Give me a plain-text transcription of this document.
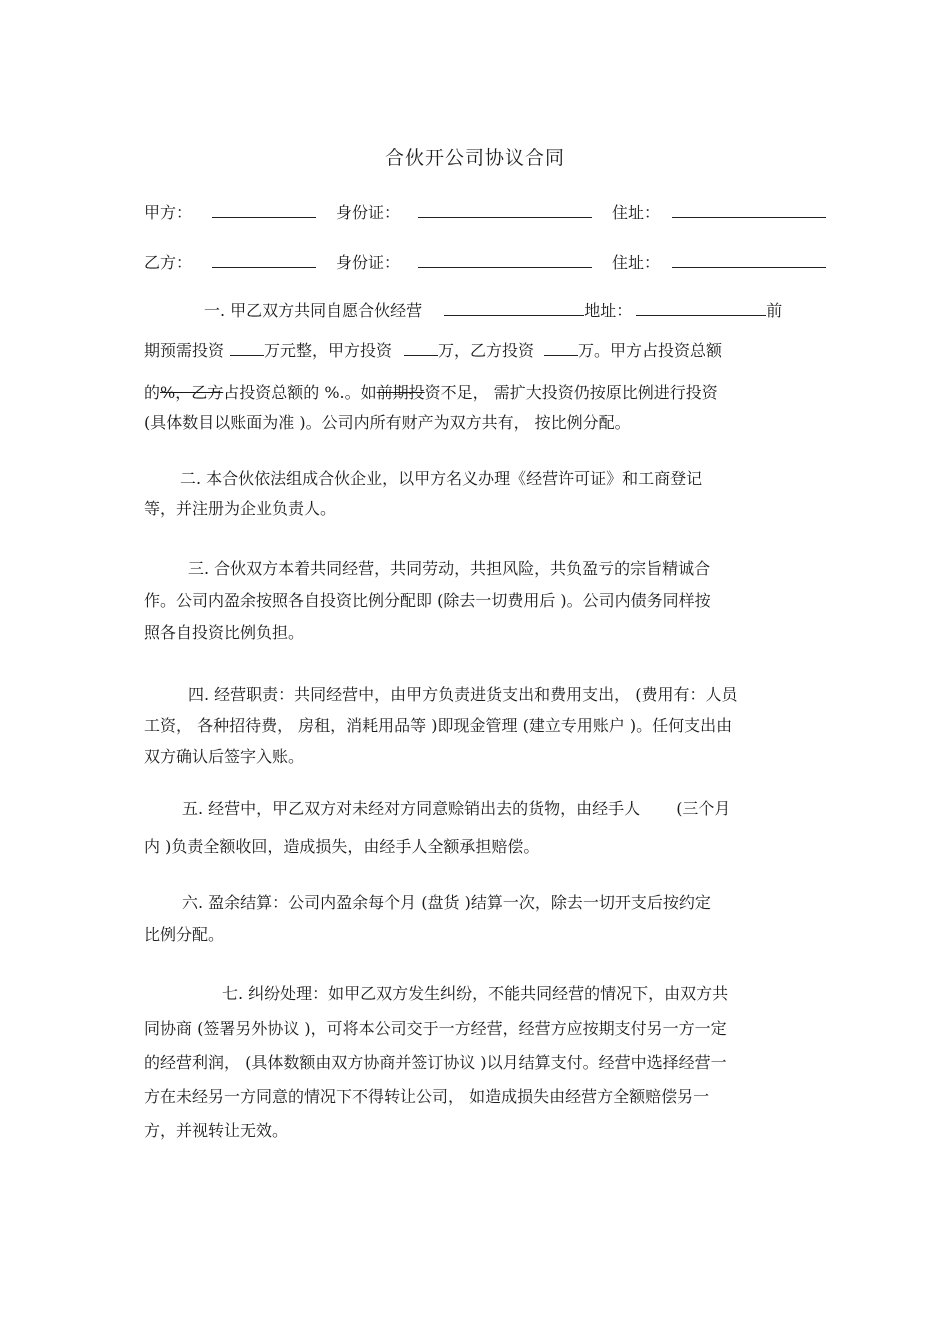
合伙开公司协议合同
甲方：	身份证：	住址：
乙方：	身份证：	住址：
一. 甲乙双方共同自愿合伙经营	地址：	前
期预需投资	万元整，甲方投资	万，乙方投资	万。甲方占投资总额
的%，乙方占投资总额的 %.。如前期投资不足， 需扩大投资仍按原比例进行投资
(具体数目以账面为准 )。公司内所有财产为双方共有， 按比例分配。
二. 本合伙依法组成合伙企业，以甲方名义办理《经营许可证》和工商登记
等，并注册为企业负责人。
三. 合伙双方本着共同经营，共同劳动，共担风险，共负盈亏的宗旨精诚合
作。公司内盈余按照各自投资比例分配即 (除去一切费用后 )。公司内债务同样按
照各自投资比例负担。
四. 经营职责：共同经营中，由甲方负责进货支出和费用支出， (费用有：人员
工资， 各种招待费， 房租，消耗用品等 )即现金管理 (建立专用账户 )。任何支出由
双方确认后签字入账。
五. 经营中，甲乙双方对未经对方同意赊销出去的货物，由经手人 (三个月
内 )负责全额收回，造成损失，由经手人全额承担赔偿。
六. 盈余结算：公司内盈余每个月 (盘货 )结算一次，除去一切开支后按约定
比例分配。
七. 纠纷处理：如甲乙双方发生纠纷，不能共同经营的情况下，由双方共
同协商 (签署另外协议 )，可将本公司交于一方经营，经营方应按期支付另一方一定
的经营利润， (具体数额由双方协商并签订协议 )以月结算支付。经营中选择经营一
方在未经另一方同意的情况下不得转让公司， 如造成损失由经营方全额赔偿另一
方，并视转让无效。
